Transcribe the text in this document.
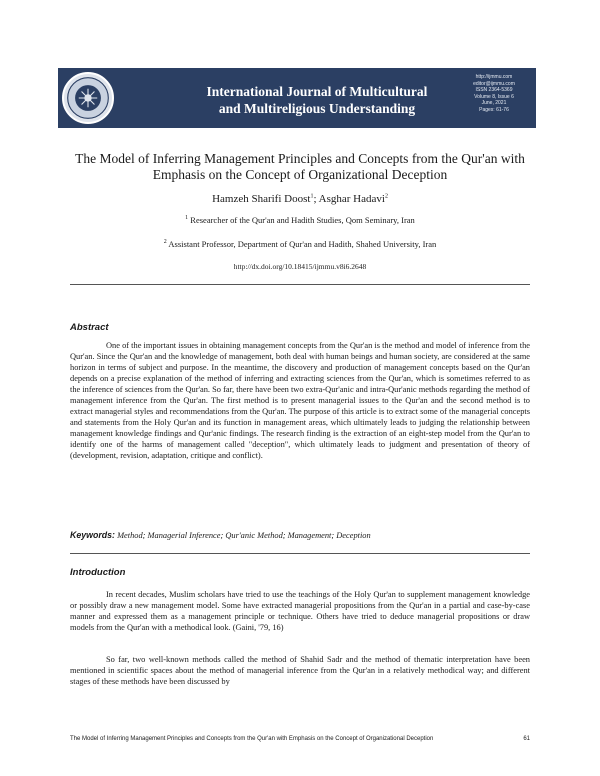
International Journal of Multicultural
and Multireligious Understanding
http://ijmmu.com
editor@ijmmu.com
ISSN 2364-5369
Volume 8, Issue 6
June, 2021
Pages: 61-76
The Model of Inferring Management Principles and Concepts from the Qur'an with
Emphasis on the Concept of Organizational Deception
Hamzeh Sharifi Doost$^1$; Asghar Hadavi$^2$
$^1$ Researcher of the Qur'an and Hadith Studies, Qom Seminary, Iran
$^2$ Assistant Professor, Department of Qur'an and Hadith, Shahed University, Iran
http://dx.doi.org/10.18415/ijmmu.v8i6.2648
Abstract
One of the important issues in obtaining management concepts from the Qur'an is the method and model of inference from the Qur'an. Since the Qur'an and the knowledge of management, both deal with human beings and human society, are considered at the same horizon in terms of subject and purpose. In the meantime, the discovery and production of management concepts based on the Qur'an depends on a precise explanation of the method of inferring and extracting sciences from the Qur'an, which is sometimes referred to as the inference of sciences from the Qur'an. So far, there have been two extra-Qur'anic and intra-Qur'anic methods regarding the method of management inference from the Qur'an. The first method is to present managerial issues to the Qur'an and the second method is to extract managerial styles and recommendations from the Qur'an. The purpose of this article is to extract some of the managerial concepts and statements from the Holy Qur'an and its function in management areas, which ultimately leads to judging the relationship between management knowledge findings and Qur'anic findings. The research finding is the extraction of an eight-step model from the Qur'an to identify one of the harms of management called "deception", which ultimately leads to judgment and presentation of theory of (development, revision, adaptation, critique and conflict).
Keywords: Method; Managerial Inference; Qur'anic Method; Management; Deception
Introduction
In recent decades, Muslim scholars have tried to use the teachings of the Holy Qur'an to supplement management knowledge or possibly draw a new management model. Some have extracted managerial propositions from the Qur'an in a partial and case-by-case manner and expressed them as a management principle or technique. Others have tried to deduce managerial propositions or draw models from the Qur'an with a methodical look. (Gaini, '79, 16)
So far, two well-known methods called the method of Shahid Sadr and the method of thematic interpretation have been mentioned in scientific spaces about the method of managerial inference from the Qur'an in a relatively methodical way; and different stages of these methods have been discussed by
The Model of Inferring Management Principles and Concepts from the Qur'an with Emphasis on the Concept of Organizational Deception	61
